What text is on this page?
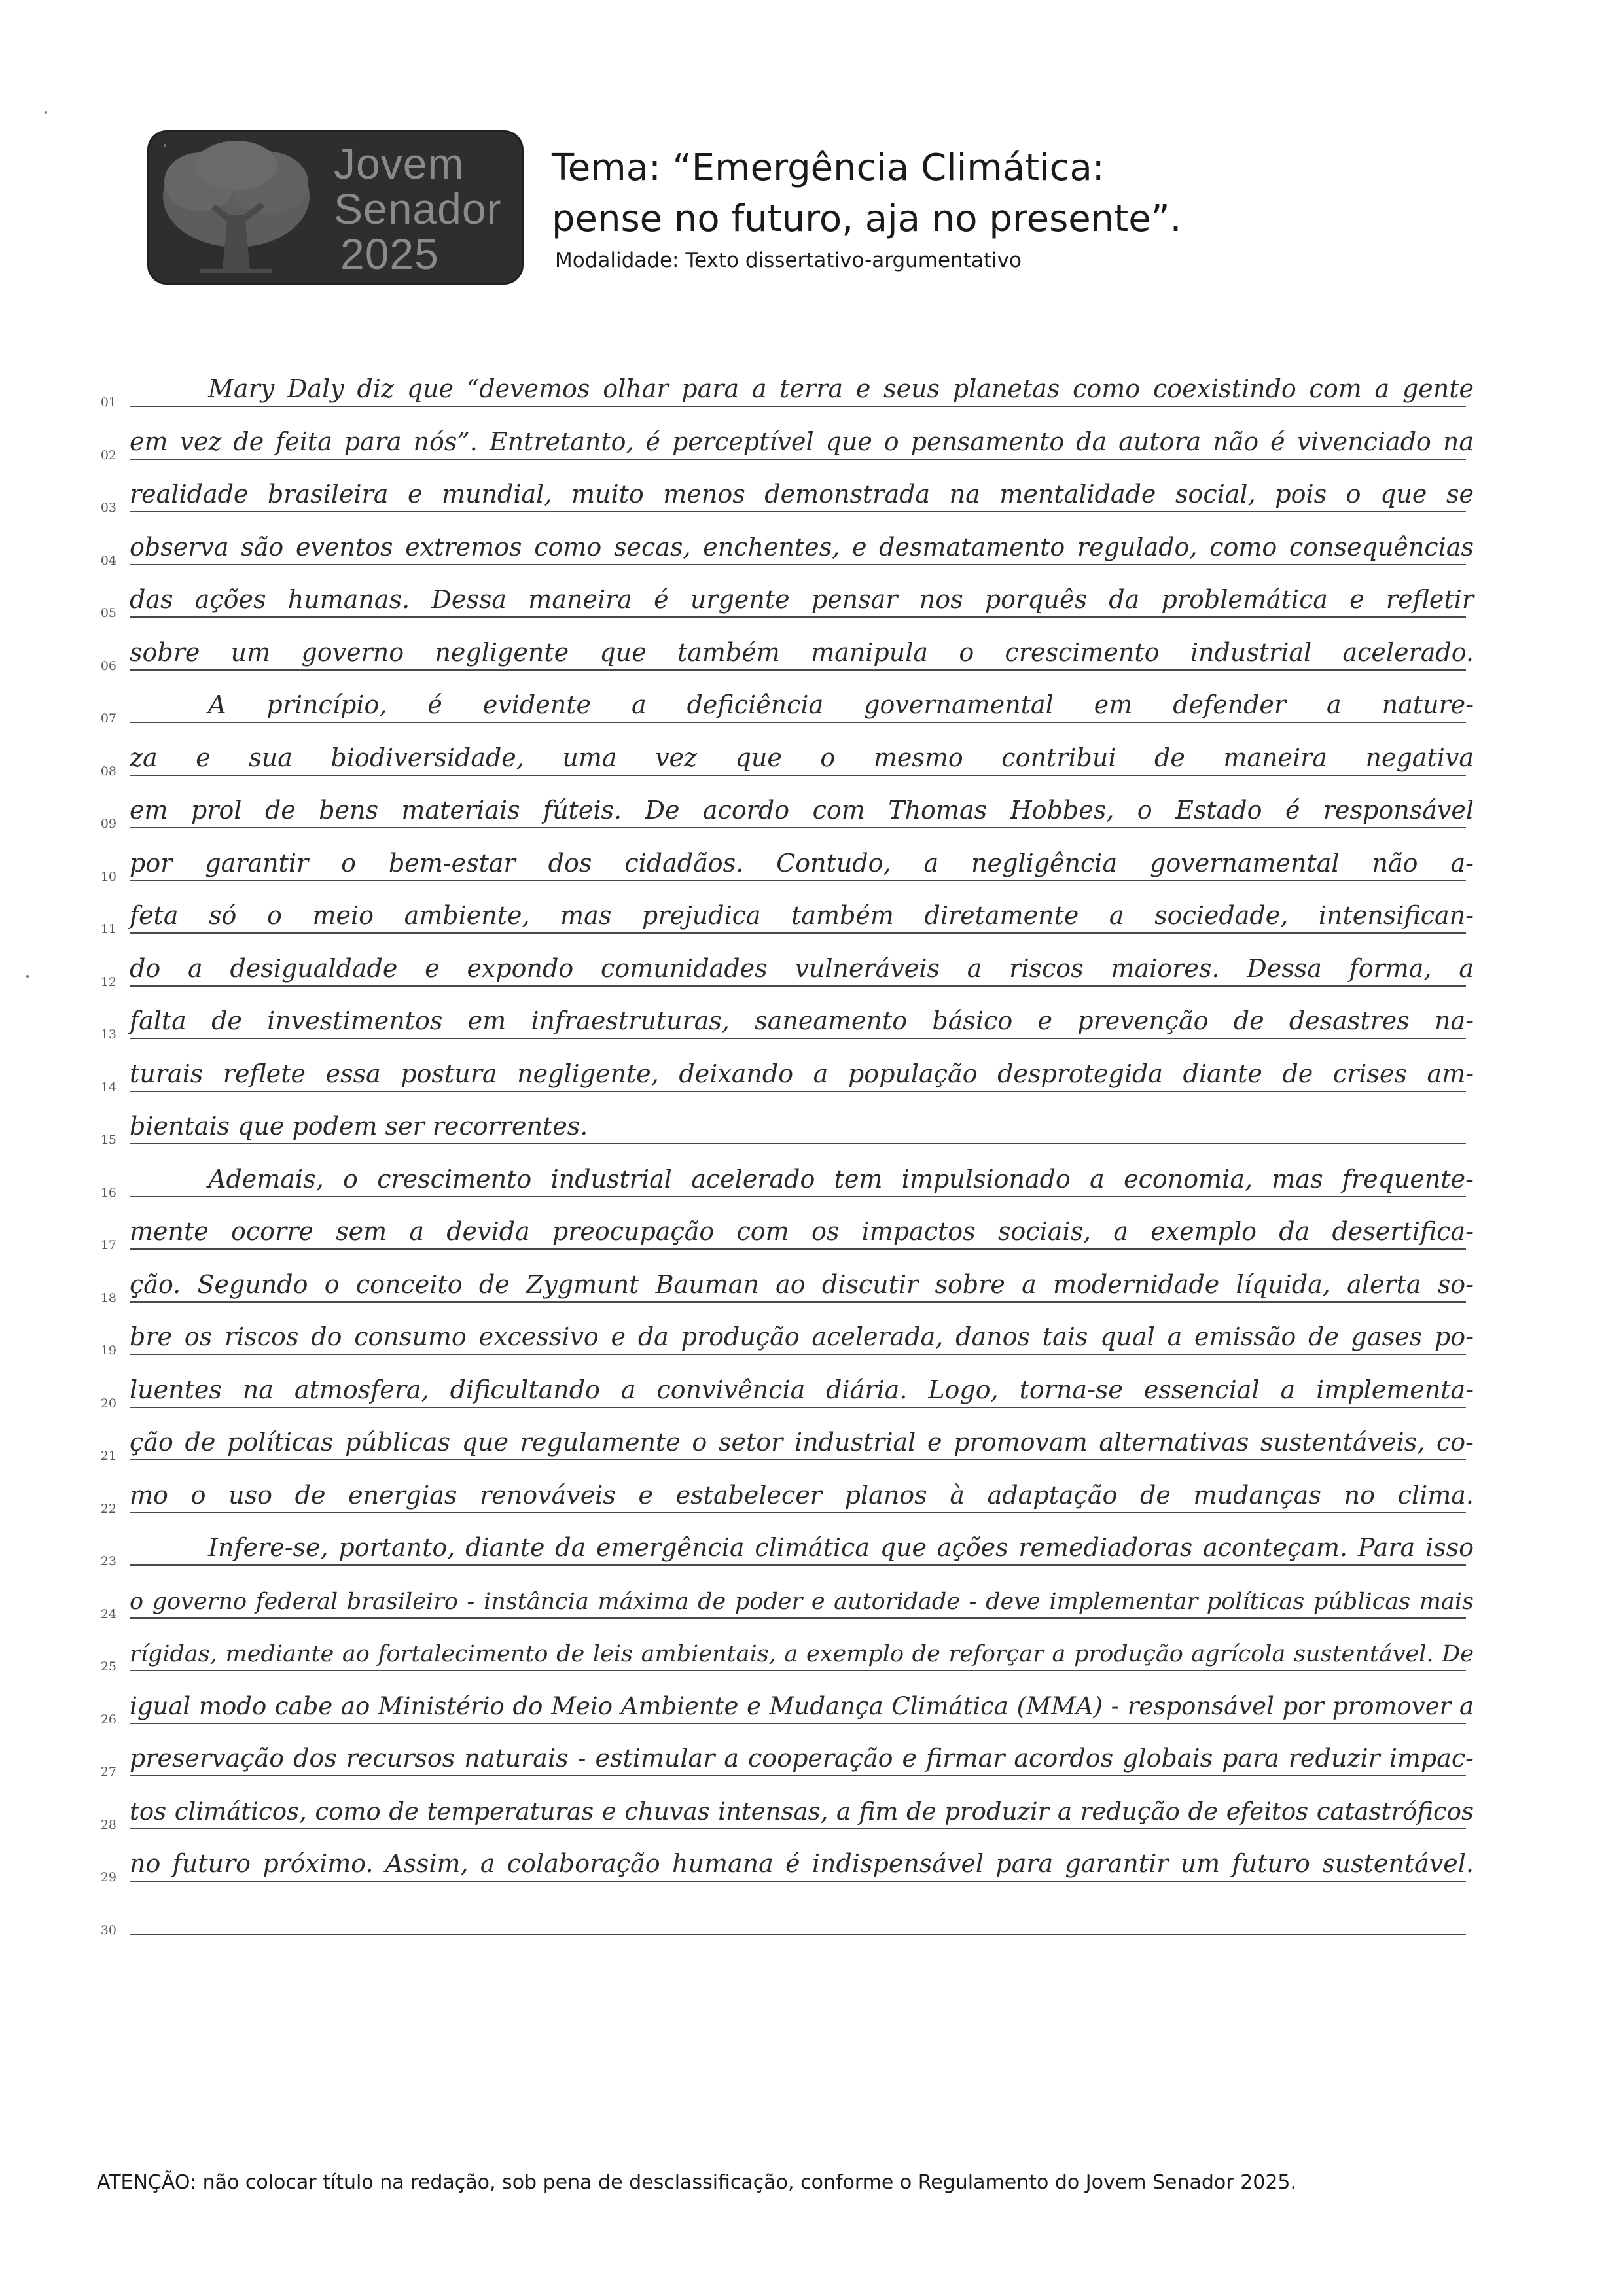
Jovem
Senador
2025
Tema: “Emergência Climática:
pense no futuro, aja no presente”.
Modalidade: Texto dissertativo-argumentativo
01	Mary Daly diz que “devemos olhar para a terra e seus planetas como coexistindo com a gente
02 em vez de feita para nós”. Entretanto, é perceptível que o pensamento da autora não é vivenciado na
03 realidade brasileira e mundial, muito menos demonstrada na mentalidade social, pois o que se
04 observa são eventos extremos como secas, enchentes, e desmatamento regulado, como consequências
05 das ações humanas. Dessa maneira é urgente pensar nos porquês da problemática e refletir
06 sobre um governo negligente que também manipula o crescimento industrial acelerado.
07	A princípio, é evidente a deficiência governamental em defender a nature-
08 za e sua biodiversidade, uma vez que o mesmo contribui de maneira negativa
09 em prol de bens materiais fúteis. De acordo com Thomas Hobbes, o Estado é responsável
10 por garantir o bem-estar dos cidadãos. Contudo, a negligência governamental não a-
11 feta só o meio ambiente, mas prejudica também diretamente a sociedade, intensifican-
12 do a desigualdade e expondo comunidades vulneráveis a riscos maiores. Dessa forma, a
13 falta de investimentos em infraestruturas, saneamento básico e prevenção de desastres na-
14 turais reflete essa postura negligente, deixando a população desprotegida diante de crises am-
15 bientais que podem ser recorrentes.
16	Ademais, o crescimento industrial acelerado tem impulsionado a economia, mas frequente-
17 mente ocorre sem a devida preocupação com os impactos sociais, a exemplo da desertifica-
18 ção. Segundo o conceito de Zygmunt Bauman ao discutir sobre a modernidade líquida, alerta so-
19 bre os riscos do consumo excessivo e da produção acelerada, danos tais qual a emissão de gases po-
20 luentes na atmosfera, dificultando a convivência diária. Logo, torna-se essencial a implementa-
21 ção de políticas públicas que regulamente o setor industrial e promovam alternativas sustentáveis, co-
22 mo o uso de energias renováveis e estabelecer planos à adaptação de mudanças no clima.
23	Infere-se, portanto, diante da emergência climática que ações remediadoras aconteçam. Para isso
24 o governo federal brasileiro - instância máxima de poder e autoridade - deve implementar políticas públicas mais
25 rígidas, mediante ao fortalecimento de leis ambientais, a exemplo de reforçar a produção agrícola sustentável. De
26 igual modo cabe ao Ministério do Meio Ambiente e Mudança Climática (MMA) - responsável por promover a
27 preservação dos recursos naturais - estimular a cooperação e firmar acordos globais para reduzir impac-
28 tos climáticos, como de temperaturas e chuvas intensas, a fim de produzir a redução de efeitos catastróficos
29 no futuro próximo. Assim, a colaboração humana é indispensável para garantir um futuro sustentável.
30
ATENÇÃO: não colocar título na redação, sob pena de desclassificação, conforme o Regulamento do Jovem Senador 2025.
